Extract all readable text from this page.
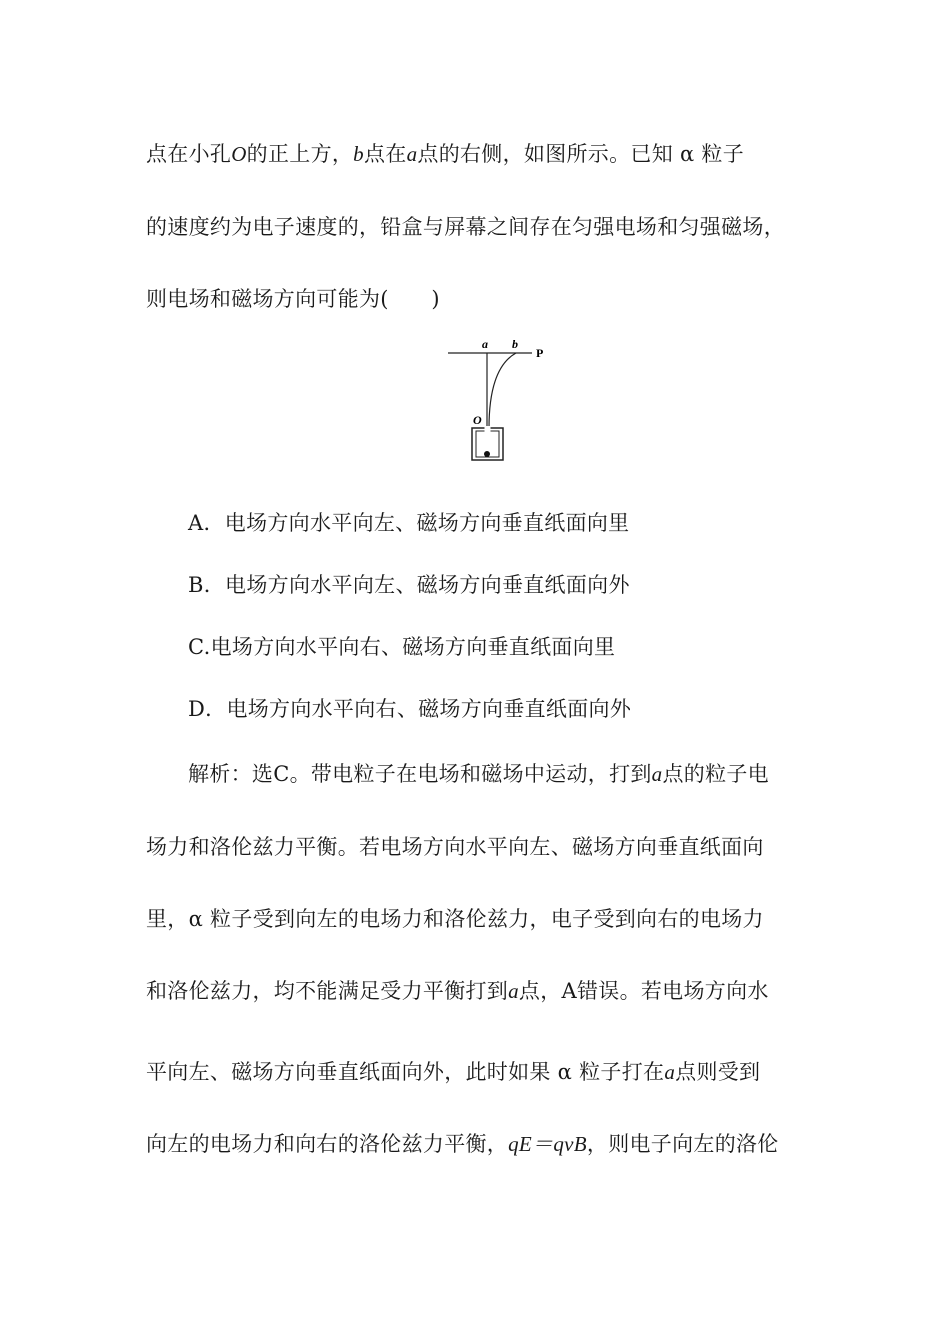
点在小孔O的正上方，b点在a点的右侧，如图所示。已知 α 粒子
的速度约为电子速度的，铅盒与屏幕之间存在匀强电场和匀强磁场，
则电场和磁场方向可能为(　　)
a b
P
O
A．电场方向水平向左、磁场方向垂直纸面向里
B．电场方向水平向左、磁场方向垂直纸面向外
C.电场方向水平向右、磁场方向垂直纸面向里
D．电场方向水平向右、磁场方向垂直纸面向外
解析：选C。带电粒子在电场和磁场中运动，打到a点的粒子电
场力和洛伦兹力平衡。若电场方向水平向左、磁场方向垂直纸面向
里，α 粒子受到向左的电场力和洛伦兹力，电子受到向右的电场力
和洛伦兹力，均不能满足受力平衡打到a点，A错误。若电场方向水
平向左、磁场方向垂直纸面向外，此时如果 α 粒子打在a点则受到
向左的电场力和向右的洛伦兹力平衡，qE＝qvB，则电子向左的洛伦
